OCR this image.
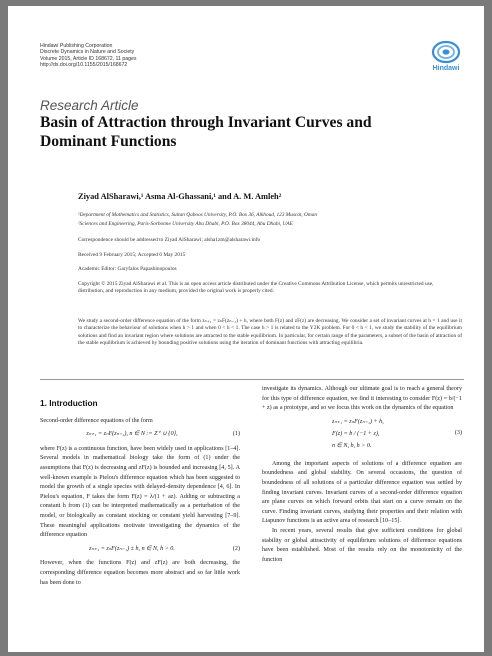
Hindawi Publishing Corporation
Discrete Dynamics in Nature and Society
Volume 2015, Article ID 168672, 11 pages
http://dx.doi.org/10.1155/2015/168672	Hindawi
Research Article
Basin of Attraction through Invariant Curves and Dominant Functions
Ziyad AlSharawi,¹ Asma Al-Ghassani,¹ and A. M. Amleh²
¹Department of Mathematics and Statistics, Sultan Qaboos University, P.O. Box 36, Alkhoud, 123 Muscat, Oman
²Sciences and Engineering, Paris-Sorbonne University Abu Dhabi, P.O. Box 38044, Abu Dhabi, UAE
Correspondence should be addressed to Ziyad AlSharawi; alsha1zm@alsharawi.info
Received 9 February 2015; Accepted 6 May 2015
Academic Editor: Garyfalos Papashinopoulos
Copyright © 2015 Ziyad AlSharawi et al. This is an open access article distributed under the Creative Commons Attribution License, which permits unrestricted use, distribution, and reproduction in any medium, provided the original work is properly cited.
We study a second-order difference equation of the form zₙ₊₁ = zₙF(zₙ₋₁) + h, where both F(z) and zF(z) are decreasing. We consider a set of invariant curves at h = 1 and use it to characterize the behaviour of solutions when h > 1 and when 0 < h < 1. The case h > 1 is related to the Y2K problem. For 0 < h < 1, we study the stability of the equilibrium solutions and find an invariant region where solutions are attracted to the stable equilibrium. In particular, for certain range of the parameters, a subset of the basin of attraction of the stable equilibrium is achieved by bounding positive solutions using the iteration of dominant functions with attracting equilibria.
1. Introduction

Second-order difference equations of the form

zₙ₊₁ = zₙF(zₙ₋₁), n ∈ N := Z⁺ ∪ {0},	(1)

where F(z) is a continuous function, have been widely used in applications [1–4]. Several models in mathematical biology take the form of (1) under the assumptions that F(z) is decreasing and zF(z) is bounded and increasing [4, 5]. A well-known example is Pielou's difference equation which has been suggested to model the growth of a single species with delayed-density dependence [4, 6]. In Pielou's equation, F takes the form F(z) = λ/(1 + az). Adding or subtracting a constant h from (1) can be interpreted mathematically as a perturbation of the model, or biologically as constant stocking or constant yield harvesting [7–9]. These meaningful applications motivate investigating the dynamics of the difference equation

zₙ₊₁ = zₙF(zₙ₋₁) ± h, n ∈ N, h > 0.	(2)

However, when the functions F(z) and zF(z) are both decreasing, the corresponding difference equation becomes more abstract and so far little work has been done to

investigate its dynamics. Although our ultimate goal is to reach a general theory for this type of difference equation, we find it interesting to consider F(z) = b/(−1 + z) as a prototype, and so we focus this work on the dynamics of the equation

zₙ₊₁ = zₙF(zₙ₋₁) + h,
F(z) = b / (−1 + z),
n ∈ N, b, h > 0.
(3)

Among the important aspects of solutions of a difference equation are boundedness and global stability. On several occasions, the question of boundedness of all solutions of a particular difference equation was settled by finding invariant curves. Invariant curves of a second-order difference equation are plane curves on which forward orbits that start on a curve remain on the curve. Finding invariant curves, studying their properties and their relation with Liapunov functions is an active area of research [10–15].

In recent years, several results that give sufficient conditions for global stability or global attractivity of equilibrium solutions of difference equations have been established. Most of the results rely on the monotonicity of the function
